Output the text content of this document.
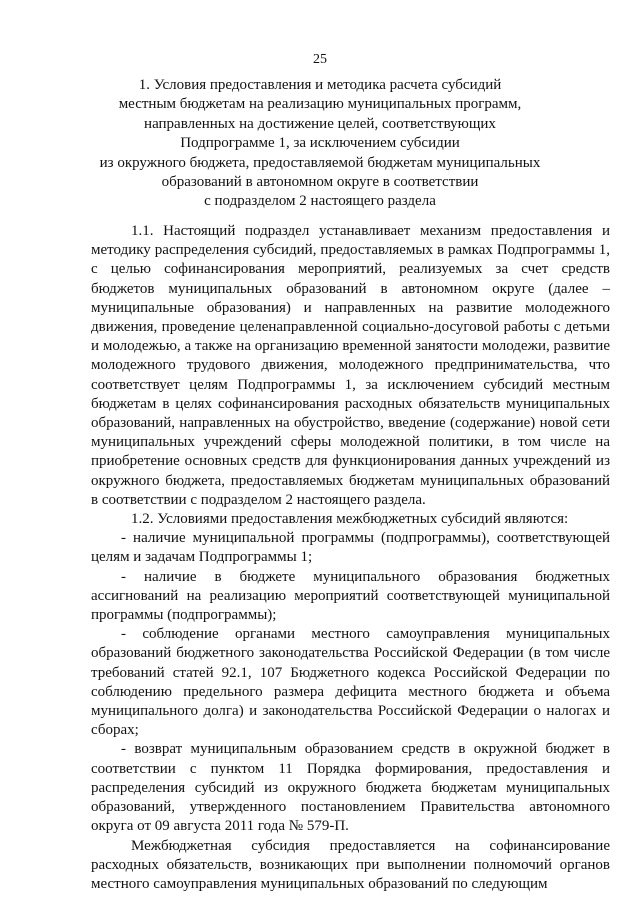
25
1. Условия предоставления и методика расчета субсидий
местным бюджетам на реализацию муниципальных программ,
направленных на достижение целей, соответствующих
Подпрограмме 1, за исключением субсидии
из окружного бюджета, предоставляемой бюджетам муниципальных
образований в автономном округе в соответствии
с подразделом 2 настоящего раздела

1.1. Настоящий подраздел устанавливает механизм предоставления и методику распределения субсидий, предоставляемых в рамках Подпрограммы 1, с целью софинансирования мероприятий, реализуемых за счет средств бюджетов муниципальных образований в автономном округе (далее – муниципальные образования) и направленных на развитие молодежного движения, проведение целенаправленной социально-досуговой работы с детьми и молодежью, а также на организацию временной занятости молодежи, развитие молодежного трудового движения, молодежного предпринимательства, что соответствует целям Подпрограммы 1, за исключением субсидий местным бюджетам в целях софинансирования расходных обязательств муниципальных образований, направленных на обустройство, введение (содержание) новой сети муниципальных учреждений сферы молодежной политики, в том числе на приобретение основных средств для функционирования данных учреждений из окружного бюджета, предоставляемых бюджетам муниципальных образований в соответствии с подразделом 2 настоящего раздела.

1.2. Условиями предоставления межбюджетных субсидий являются:

- наличие муниципальной программы (подпрограммы), соответствующей целям и задачам Подпрограммы 1;

- наличие в бюджете муниципального образования бюджетных ассигнований на реализацию мероприятий соответствующей муниципальной программы (подпрограммы);

- соблюдение органами местного самоуправления муниципальных образований бюджетного законодательства Российской Федерации (в том числе требований статей 92.1, 107 Бюджетного кодекса Российской Федерации по соблюдению предельного размера дефицита местного бюджета и объема муниципального долга) и законодательства Российской Федерации о налогах и сборах;

- возврат муниципальным образованием средств в окружной бюджет в соответствии с пунктом 11 Порядка формирования, предоставления и распределения субсидий из окружного бюджета бюджетам муниципальных образований, утвержденного постановлением Правительства автономного округа от 09 августа 2011 года № 579-П.

Межбюджетная субсидия предоставляется на софинансирование расходных обязательств, возникающих при выполнении полномочий органов местного самоуправления муниципальных образований по следующим
